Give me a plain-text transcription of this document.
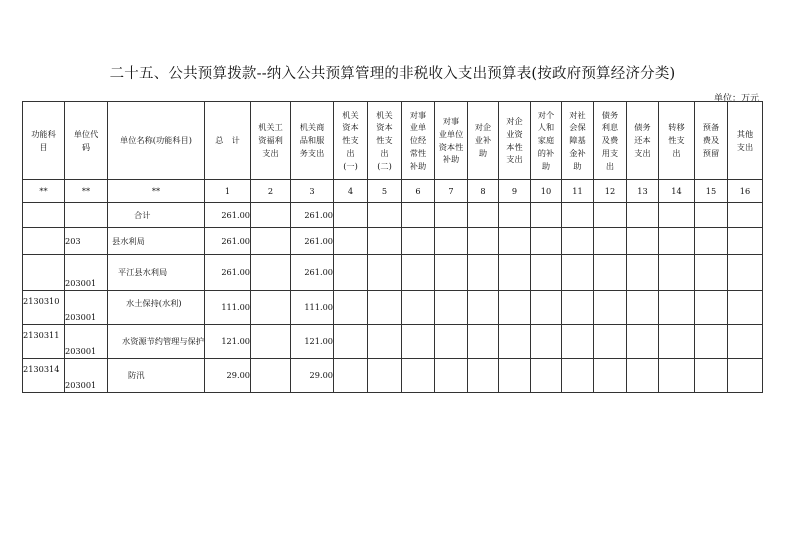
二十五、公共预算拨款--纳入公共预算管理的非税收入支出预算表(按政府预算经济分类)
单位：万元
功能科
目	单位代
码	单位名称(功能科目)	总　计	机关工
资福利
支出	机关商
品和服
务支出	机关
资本
性支
出
(一)	机关
资本
性支
出
(二)	对事
业单
位经
常性
补助	对事
业单位
资本性
补助	对企
业补
助	对企
业资
本性
支出	对个
人和
家庭
的补
助	对社
会保
障基
金补
助	债务
利息
及费
用支
出	债务
还本
支出	转移
性支
出	预备
费及
预留	其他
支出

**	**	**	1	2	3	4	5	6	7	8	9	10	11	12	13	14	15	16

		合计	261.00		261.00													

	203	县水利局	261.00		261.00													

	203001	平江县水利局	261.00		261.00													

2130310	203001	水土保持(水利)	111.00		111.00													

2130311	203001	水资源节约管理与保护	121.00		121.00													

2130314	203001	防汛	29.00		29.00													
